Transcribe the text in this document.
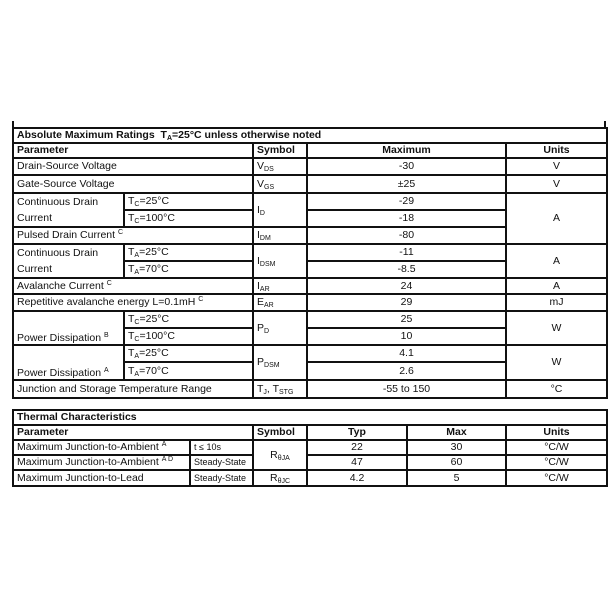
Absolute Maximum Ratings $T_A=25^\circ C$ unless otherwise noted				
Parameter		Symbol	Maximum	Units
Drain-Source Voltage		$V_{DS}$	-30	V
Gate-Source Voltage		$V_{GS}$	±25	V
Continuous Drain
Current	$T_C=25^\circ C$	$I_D$	-29	A
	$T_C=100^\circ C$		-18	
Pulsed Drain Current $^C$		$I_{DM}$	-80	
Continuous Drain
Current	$T_A=25^\circ C$	$I_{DSM}$	-11	A
	$T_A=70^\circ C$		-8.5	
Avalanche Current $^C$		$I_{AR}$	24	A
Repetitive avalanche energy L=0.1mH $^C$		$E_{AR}$	29	mJ
Power Dissipation $^B$	$T_C=25^\circ C$	$P_D$	25	W
	$T_C=100^\circ C$		10	
Power Dissipation $^A$	$T_A=25^\circ C$	$P_{DSM}$	4.1	W
	$T_A=70^\circ C$		2.6	
Junction and Storage Temperature Range		$T_J$, $T_{STG}$	-55 to 150	°C
Thermal Characteristics					
Parameter		Symbol	Typ	Max	Units
Maximum Junction-to-Ambient $^A$	t ≤ 10s	$R_{\theta JA}$	22	30	°C/W
Maximum Junction-to-Ambient $^{A D}$	Steady-State		47	60	°C/W
Maximum Junction-to-Lead	Steady-State	$R_{\theta JC}$	4.2	5	°C/W
